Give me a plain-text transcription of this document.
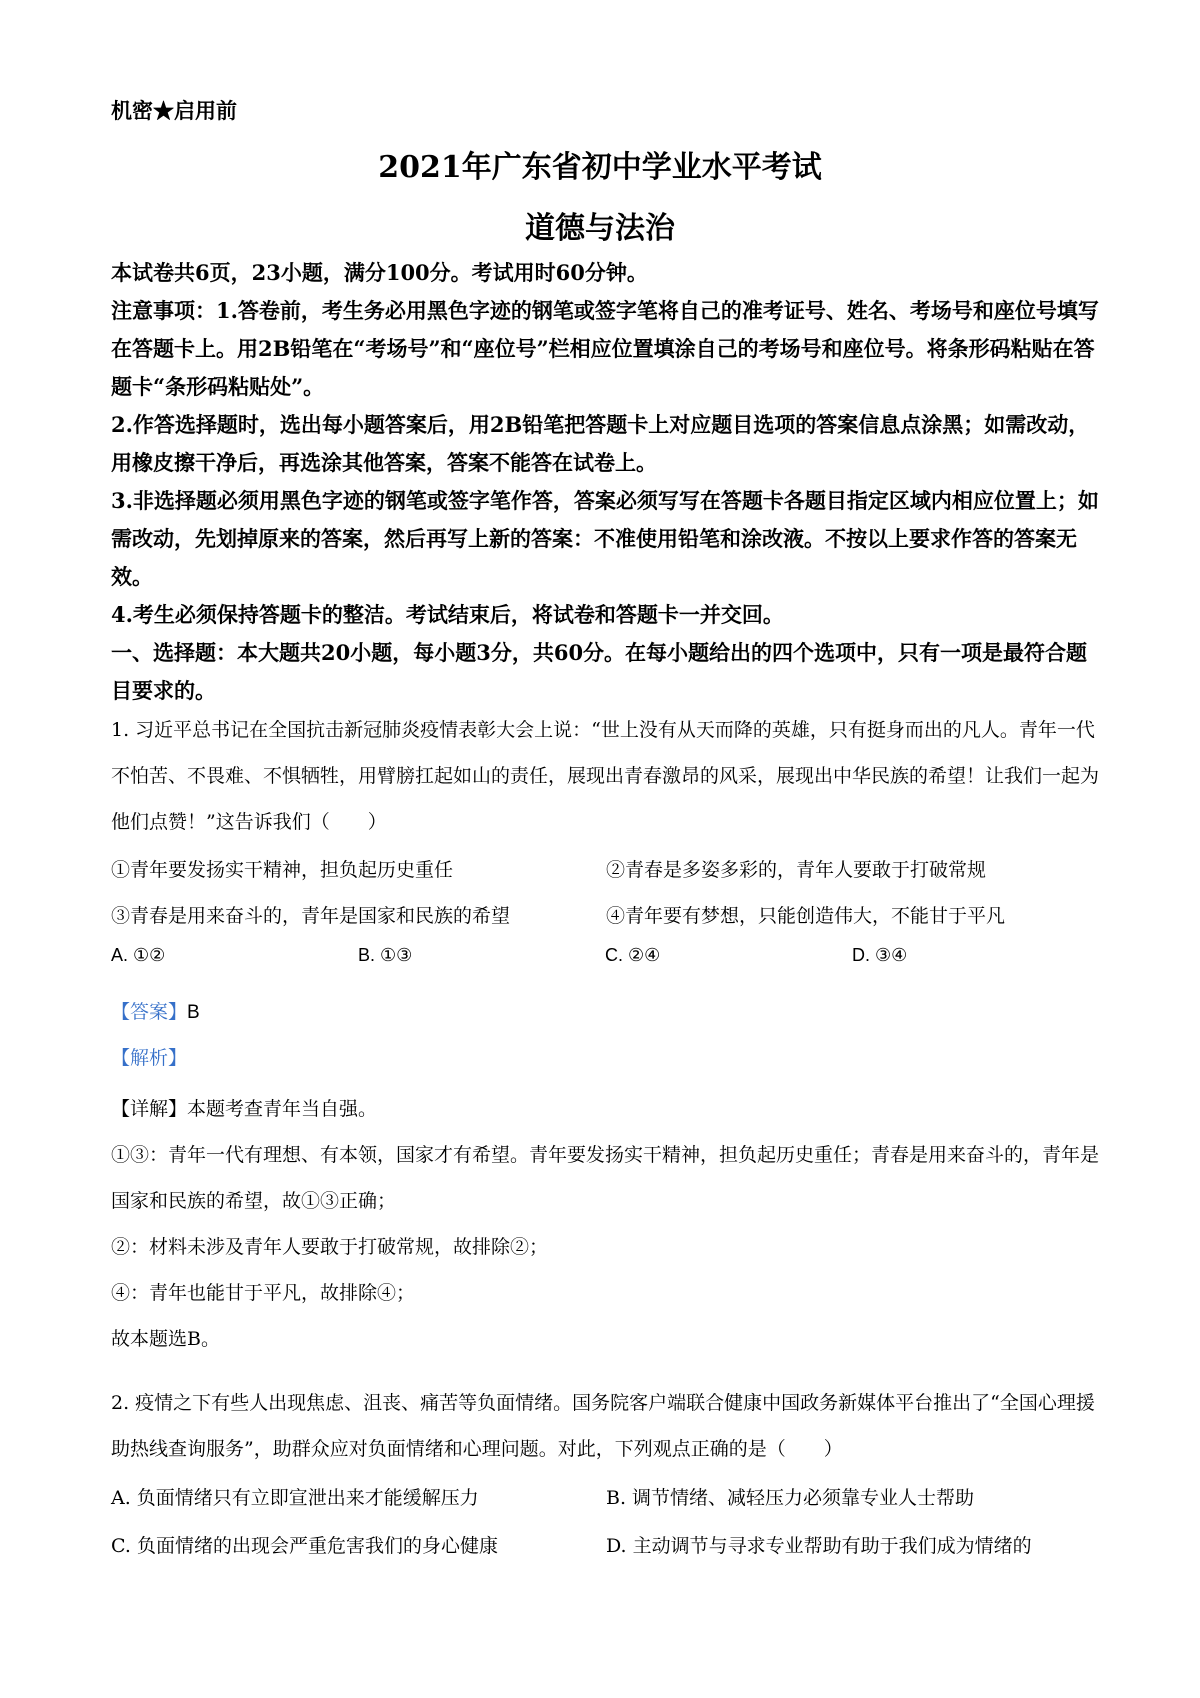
机密★启用前
2021年广东省初中学业水平考试
道德与法治

本试卷共6页，23小题，满分100分。考试用时60分钟。

注意事项：1.答卷前，考生务必用黑色字迹的钢笔或签字笔将自己的准考证号、姓名、考场号和座位号填写在答题卡上。用2B铅笔在“考场号”和“座位号”栏相应位置填涂自己的考场号和座位号。将条形码粘贴在答题卡“条形码粘贴处”。

2.作答选择题时，选出每小题答案后，用2B铅笔把答题卡上对应题目选项的答案信息点涂黑；如需改动，用橡皮擦干净后，再选涂其他答案，答案不能答在试卷上。

3.非选择题必须用黑色字迹的钢笔或签字笔作答，答案必须写写在答题卡各题目指定区域内相应位置上；如需改动，先划掉原来的答案，然后再写上新的答案：不准使用铅笔和涂改液。不按以上要求作答的答案无效。

4.考生必须保持答题卡的整洁。考试结束后，将试卷和答题卡一并交回。

一、选择题：本大题共20小题，每小题3分，共60分。在每小题给出的四个选项中，只有一项是最符合题目要求的。

1. 习近平总书记在全国抗击新冠肺炎疫情表彰大会上说：“世上没有从天而降的英雄，只有挺身而出的凡人。青年一代不怕苦、不畏难、不惧牺牲，用臂膀扛起如山的责任，展现出青春激昂的风采，展现出中华民族的希望！让我们一起为他们点赞！”这告诉我们（　　）

①青年要发扬实干精神，担负起历史重任	②青春是多姿多彩的，青年人要敢于打破常规
③青春是用来奋斗的，青年是国家和民族的希望	④青年要有梦想，只能创造伟大，不能甘于平凡
A. ①②	B. ①③	C. ②④	D. ③④
【答案】B
【解析】

【详解】本题考查青年当自强。

①③：青年一代有理想、有本领，国家才有希望。青年要发扬实干精神，担负起历史重任；青春是用来奋斗的，青年是国家和民族的希望，故①③正确；

②：材料未涉及青年人要敢于打破常规，故排除②；

④：青年也能甘于平凡，故排除④；

故本题选B。

2. 疫情之下有些人出现焦虑、沮丧、痛苦等负面情绪。国务院客户端联合健康中国政务新媒体平台推出了“全国心理援助热线查询服务”，助群众应对负面情绪和心理问题。对此，下列观点正确的是（　　）

A. 负面情绪只有立即宣泄出来才能缓解压力	B. 调节情绪、减轻压力必须靠专业人士帮助
C. 负面情绪的出现会严重危害我们的身心健康	D. 主动调节与寻求专业帮助有助于我们成为情绪的
